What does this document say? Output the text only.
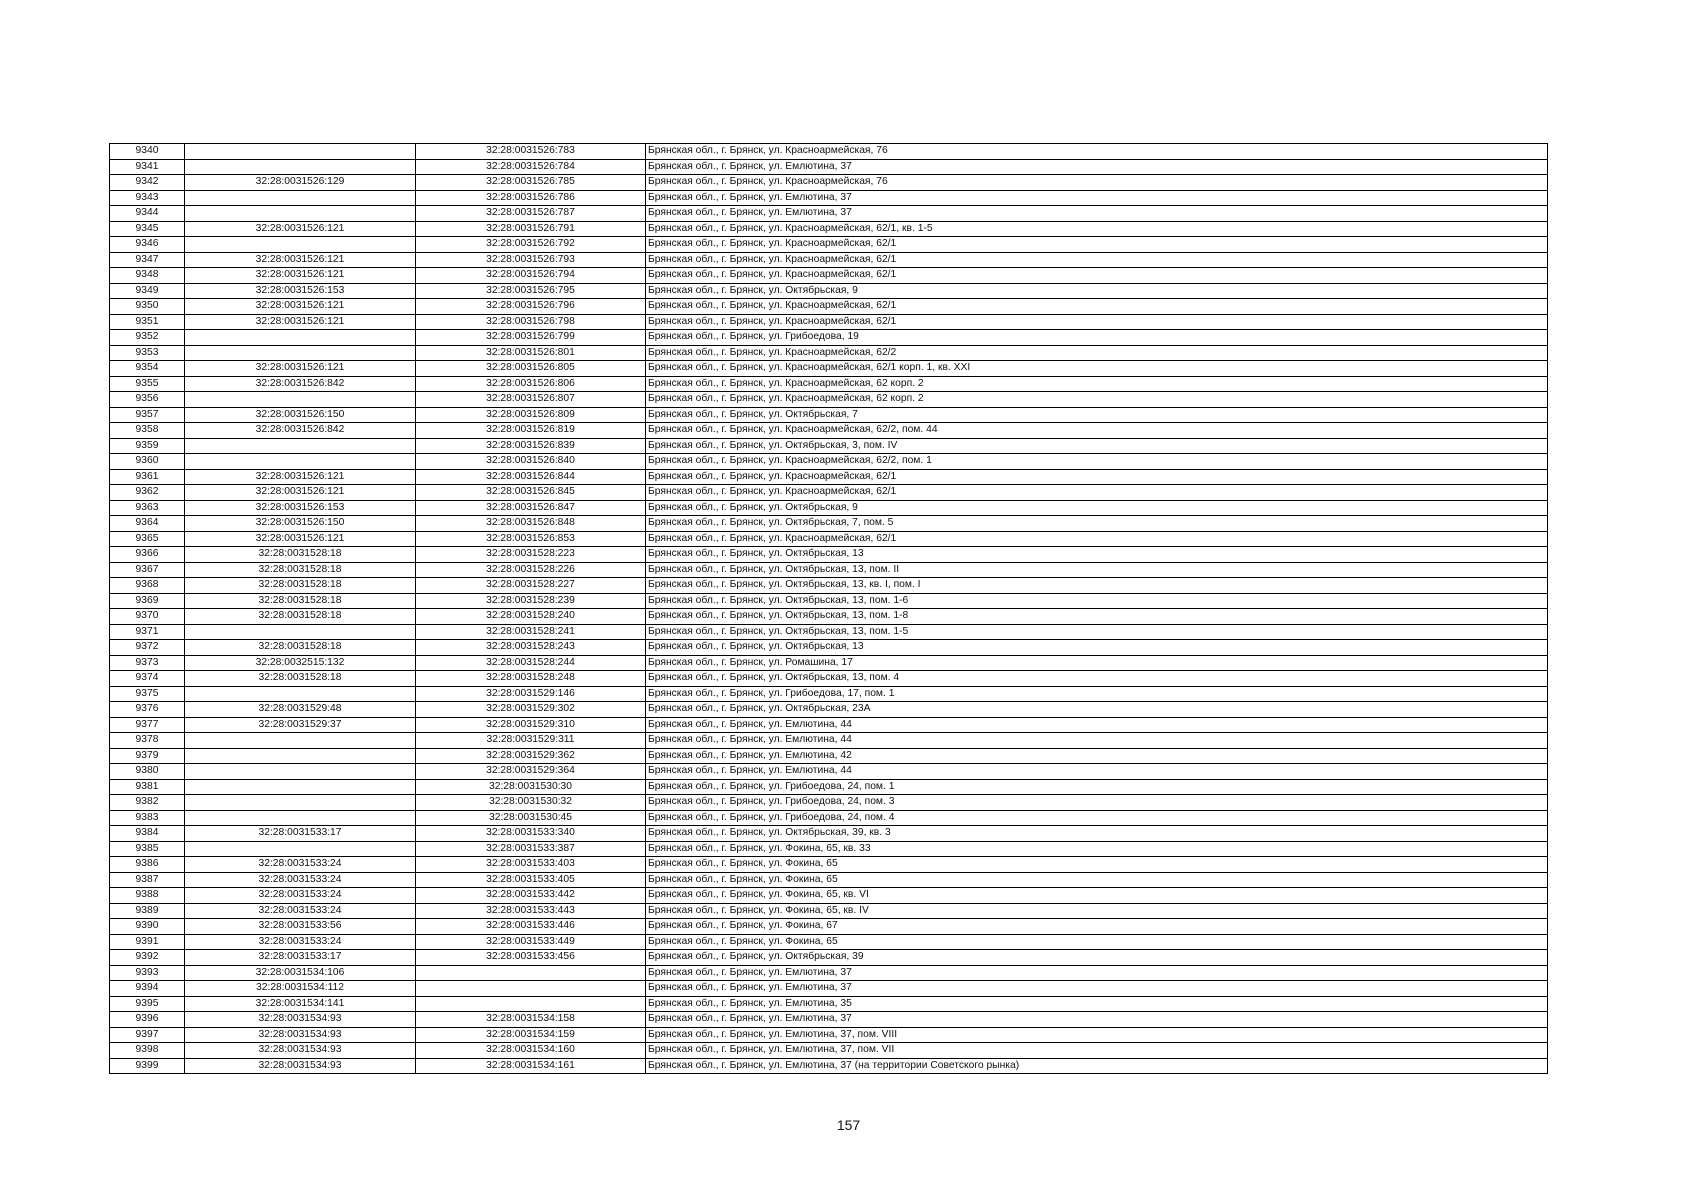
9340		32:28:0031526:783	Брянская обл., г. Брянск, ул. Красноармейская, 76
9341		32:28:0031526:784	Брянская обл., г. Брянск, ул. Емлютина, 37
9342	32:28:0031526:129	32:28:0031526:785	Брянская обл., г. Брянск, ул. Красноармейская, 76
9343		32:28:0031526:786	Брянская обл., г. Брянск, ул. Емлютина, 37
9344		32:28:0031526:787	Брянская обл., г. Брянск, ул. Емлютина, 37
9345	32:28:0031526:121	32:28:0031526:791	Брянская обл., г. Брянск, ул. Красноармейская, 62/1, кв. 1-5
9346		32:28:0031526:792	Брянская обл., г. Брянск, ул. Красноармейская, 62/1
9347	32:28:0031526:121	32:28:0031526:793	Брянская обл., г. Брянск, ул. Красноармейская, 62/1
9348	32:28:0031526:121	32:28:0031526:794	Брянская обл., г. Брянск, ул. Красноармейская, 62/1
9349	32:28:0031526:153	32:28:0031526:795	Брянская обл., г. Брянск, ул. Октябрьская, 9
9350	32:28:0031526:121	32:28:0031526:796	Брянская обл., г. Брянск, ул. Красноармейская, 62/1
9351	32:28:0031526:121	32:28:0031526:798	Брянская обл., г. Брянск, ул. Красноармейская, 62/1
9352		32:28:0031526:799	Брянская обл., г. Брянск, ул. Грибоедова, 19
9353		32:28:0031526:801	Брянская обл., г. Брянск, ул. Красноармейская, 62/2
9354	32:28:0031526:121	32:28:0031526:805	Брянская обл., г. Брянск, ул. Красноармейская, 62/1 корп. 1, кв. XXI
9355	32:28:0031526:842	32:28:0031526:806	Брянская обл., г. Брянск, ул. Красноармейская, 62 корп. 2
9356		32:28:0031526:807	Брянская обл., г. Брянск, ул. Красноармейская, 62 корп. 2
9357	32:28:0031526:150	32:28:0031526:809	Брянская обл., г. Брянск, ул. Октябрьская, 7
9358	32:28:0031526:842	32:28:0031526:819	Брянская обл., г. Брянск, ул. Красноармейская, 62/2, пом. 44
9359		32:28:0031526:839	Брянская обл., г. Брянск, ул. Октябрьская, 3, пом. IV
9360		32:28:0031526:840	Брянская обл., г. Брянск, ул. Красноармейская, 62/2, пом. 1
9361	32:28:0031526:121	32:28:0031526:844	Брянская обл., г. Брянск, ул. Красноармейская, 62/1
9362	32:28:0031526:121	32:28:0031526:845	Брянская обл., г. Брянск, ул. Красноармейская, 62/1
9363	32:28:0031526:153	32:28:0031526:847	Брянская обл., г. Брянск, ул. Октябрьская, 9
9364	32:28:0031526:150	32:28:0031526:848	Брянская обл., г. Брянск, ул. Октябрьская, 7, пом. 5
9365	32:28:0031526:121	32:28:0031526:853	Брянская обл., г. Брянск, ул. Красноармейская, 62/1
9366	32:28:0031528:18	32:28:0031528:223	Брянская обл., г. Брянск, ул. Октябрьская, 13
9367	32:28:0031528:18	32:28:0031528:226	Брянская обл., г. Брянск, ул. Октябрьская, 13, пом. II
9368	32:28:0031528:18	32:28:0031528:227	Брянская обл., г. Брянск, ул. Октябрьская, 13, кв. I, пом. I
9369	32:28:0031528:18	32:28:0031528:239	Брянская обл., г. Брянск, ул. Октябрьская, 13, пом. 1-6
9370	32:28:0031528:18	32:28:0031528:240	Брянская обл., г. Брянск, ул. Октябрьская, 13, пом. 1-8
9371		32:28:0031528:241	Брянская обл., г. Брянск, ул. Октябрьская, 13, пом. 1-5
9372	32:28:0031528:18	32:28:0031528:243	Брянская обл., г. Брянск, ул. Октябрьская, 13
9373	32:28:0032515:132	32:28:0031528:244	Брянская обл., г. Брянск, ул. Ромашина, 17
9374	32:28:0031528:18	32:28:0031528:248	Брянская обл., г. Брянск, ул. Октябрьская, 13, пом. 4
9375		32:28:0031529:146	Брянская обл., г. Брянск, ул. Грибоедова, 17, пом. 1
9376	32:28:0031529:48	32:28:0031529:302	Брянская обл., г. Брянск, ул. Октябрьская, 23А
9377	32:28:0031529:37	32:28:0031529:310	Брянская обл., г. Брянск, ул. Емлютина, 44
9378		32:28:0031529:311	Брянская обл., г. Брянск, ул. Емлютина, 44
9379		32:28:0031529:362	Брянская обл., г. Брянск, ул. Емлютина, 42
9380		32:28:0031529:364	Брянская обл., г. Брянск, ул. Емлютина, 44
9381		32:28:0031530:30	Брянская обл., г. Брянск, ул. Грибоедова, 24, пом. 1
9382		32:28:0031530:32	Брянская обл., г. Брянск, ул. Грибоедова, 24, пом. 3
9383		32:28:0031530:45	Брянская обл., г. Брянск, ул. Грибоедова, 24, пом. 4
9384	32:28:0031533:17	32:28:0031533:340	Брянская обл., г. Брянск, ул. Октябрьская, 39, кв. 3
9385		32:28:0031533:387	Брянская обл., г. Брянск, ул. Фокина, 65, кв. 33
9386	32:28:0031533:24	32:28:0031533:403	Брянская обл., г. Брянск, ул. Фокина, 65
9387	32:28:0031533:24	32:28:0031533:405	Брянская обл., г. Брянск, ул. Фокина, 65
9388	32:28:0031533:24	32:28:0031533:442	Брянская обл., г. Брянск, ул. Фокина, 65, кв. VI
9389	32:28:0031533:24	32:28:0031533:443	Брянская обл., г. Брянск, ул. Фокина, 65, кв. IV
9390	32:28:0031533:56	32:28:0031533:446	Брянская обл., г. Брянск, ул. Фокина, 67
9391	32:28:0031533:24	32:28:0031533:449	Брянская обл., г. Брянск, ул. Фокина, 65
9392	32:28:0031533:17	32:28:0031533:456	Брянская обл., г. Брянск, ул. Октябрьская, 39
9393	32:28:0031534:106		Брянская обл., г. Брянск, ул. Емлютина, 37
9394	32:28:0031534:112		Брянская обл., г. Брянск, ул. Емлютина, 37
9395	32:28:0031534:141		Брянская обл., г. Брянск, ул. Емлютина, 35
9396	32:28:0031534:93	32:28:0031534:158	Брянская обл., г. Брянск, ул. Емлютина, 37
9397	32:28:0031534:93	32:28:0031534:159	Брянская обл., г. Брянск, ул. Емлютина, 37, пом. VIII
9398	32:28:0031534:93	32:28:0031534:160	Брянская обл., г. Брянск, ул. Емлютина, 37, пом. VII
9399	32:28:0031534:93	32:28:0031534:161	Брянская обл., г. Брянск, ул. Емлютина, 37 (на территории Советского рынка)
157
